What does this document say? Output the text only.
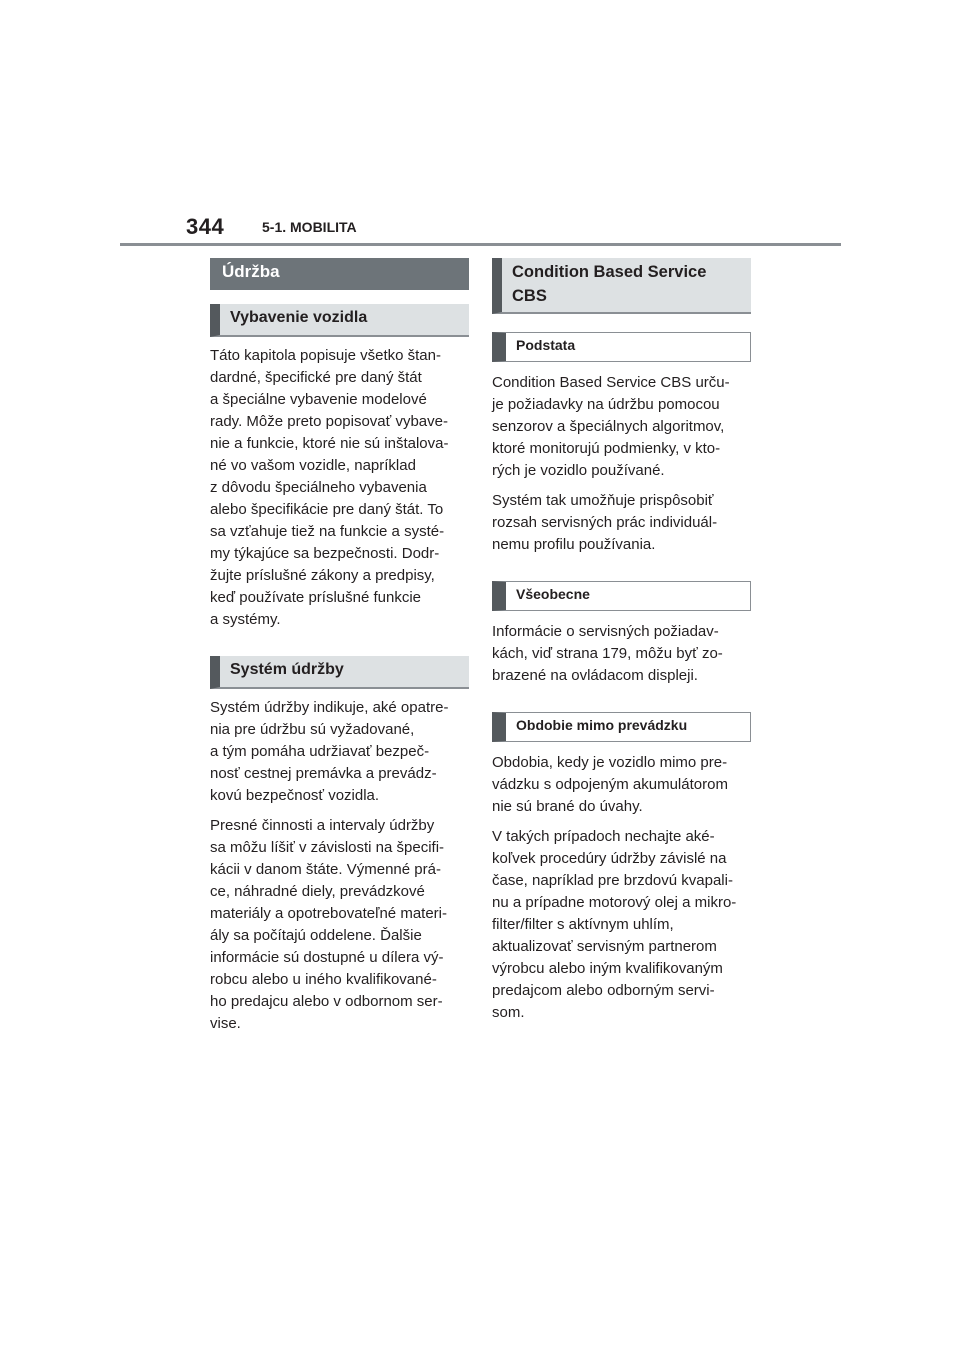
344	5-1. MOBILITA
Údržba
Vybavenie vozidla

Táto kapitola popisuje všetko štan-
dardné, špecifické pre daný štát
a špeciálne vybavenie modelové
rady. Môže preto popisovať vybave-
nie a funkcie, ktoré nie sú inštalova-
né vo vašom vozidle, napríklad
z dôvodu špeciálneho vybavenia
alebo špecifikácie pre daný štát. To
sa vzťahuje tiež na funkcie a systé-
my týkajúce sa bezpečnosti. Dodr-
žujte príslušné zákony a predpisy,
keď používate príslušné funkcie
a systémy.

Systém údržby

Systém údržby indikuje, aké opatre-
nia pre údržbu sú vyžadované,
a tým pomáha udržiavať bezpeč-
nosť cestnej premávka a prevádz-
kovú bezpečnosť vozidla.

Presné činnosti a intervaly údržby
sa môžu líšiť v závislosti na špecifi-
kácii v danom štáte. Výmenné prá-
ce, náhradné diely, prevádzkové
materiály a opotrebovateľné materi-
ály sa počítajú oddelene. Ďalšie
informácie sú dostupné u dílera vý-
robcu alebo u iného kvalifikované-
ho predajcu alebo v odbornom ser-
vise.

Condition Based Service
CBS
Podstata

Condition Based Service CBS urču-
je požiadavky na údržbu pomocou
senzorov a špeciálnych algoritmov,
ktoré monitorujú podmienky, v kto-
rých je vozidlo používané.

Systém tak umožňuje prispôsobiť
rozsah servisných prác individuál-
nemu profilu používania.

Všeobecne

Informácie o servisných požiadav-
kách, viď strana 179, môžu byť zo-
brazené na ovládacom displeji.

Obdobie mimo prevádzku

Obdobia, kedy je vozidlo mimo pre-
vádzku s odpojeným akumulátorom
nie sú brané do úvahy.

V takých prípadoch nechajte aké-
koľvek procedúry údržby závislé na
čase, napríklad pre brzdovú kvapali-
nu a prípadne motorový olej a mikro-
filter/filter s aktívnym uhlím,
aktualizovať servisným partnerom
výrobcu alebo iným kvalifikovaným
predajcom alebo odborným servi-
som.
